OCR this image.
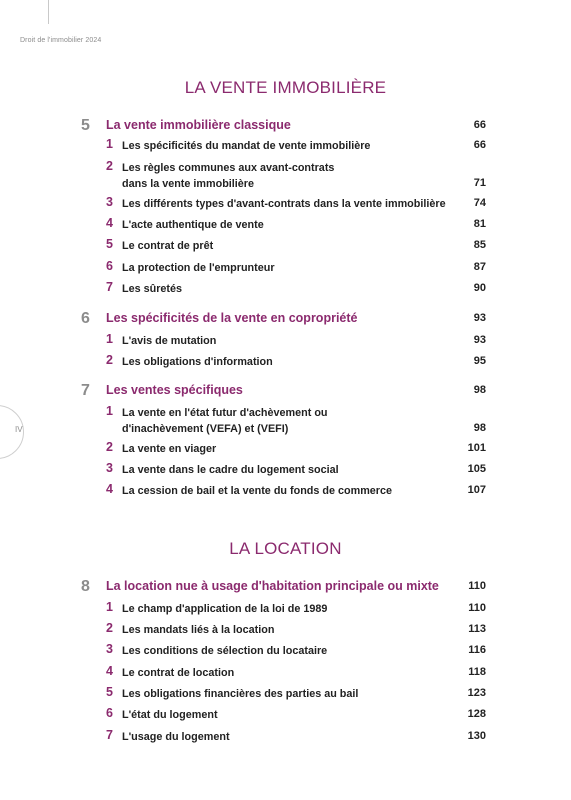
Droit de l'immobilier 2024
IV
LA VENTE IMMOBILIÈRE
5 La vente immobilière classique	66
1 Les spécificités du mandat de vente immobilière	66
2 Les règles communes aux avant-contrats
dans la vente immobilière	71
3 Les différents types d'avant-contrats dans la vente immobilière	74
4 L'acte authentique de vente	81
5 Le contrat de prêt	85
6 La protection de l'emprunteur	87
7 Les sûretés	90
6 Les spécificités de la vente en copropriété	93
1 L'avis de mutation	93
2 Les obligations d'information	95
7 Les ventes spécifiques	98
1 La vente en l'état futur d'achèvement ou
d'inachèvement (VEFA) et (VEFI)	98
2 La vente en viager	101
3 La vente dans le cadre du logement social	105
4 La cession de bail et la vente du fonds de commerce	107
LA LOCATION
8 La location nue à usage d'habitation principale ou mixte	110
1 Le champ d'application de la loi de 1989	110
2 Les mandats liés à la location	113
3 Les conditions de sélection du locataire	116
4 Le contrat de location	118
5 Les obligations financières des parties au bail	123
6 L'état du logement	128
7 L'usage du logement	130
